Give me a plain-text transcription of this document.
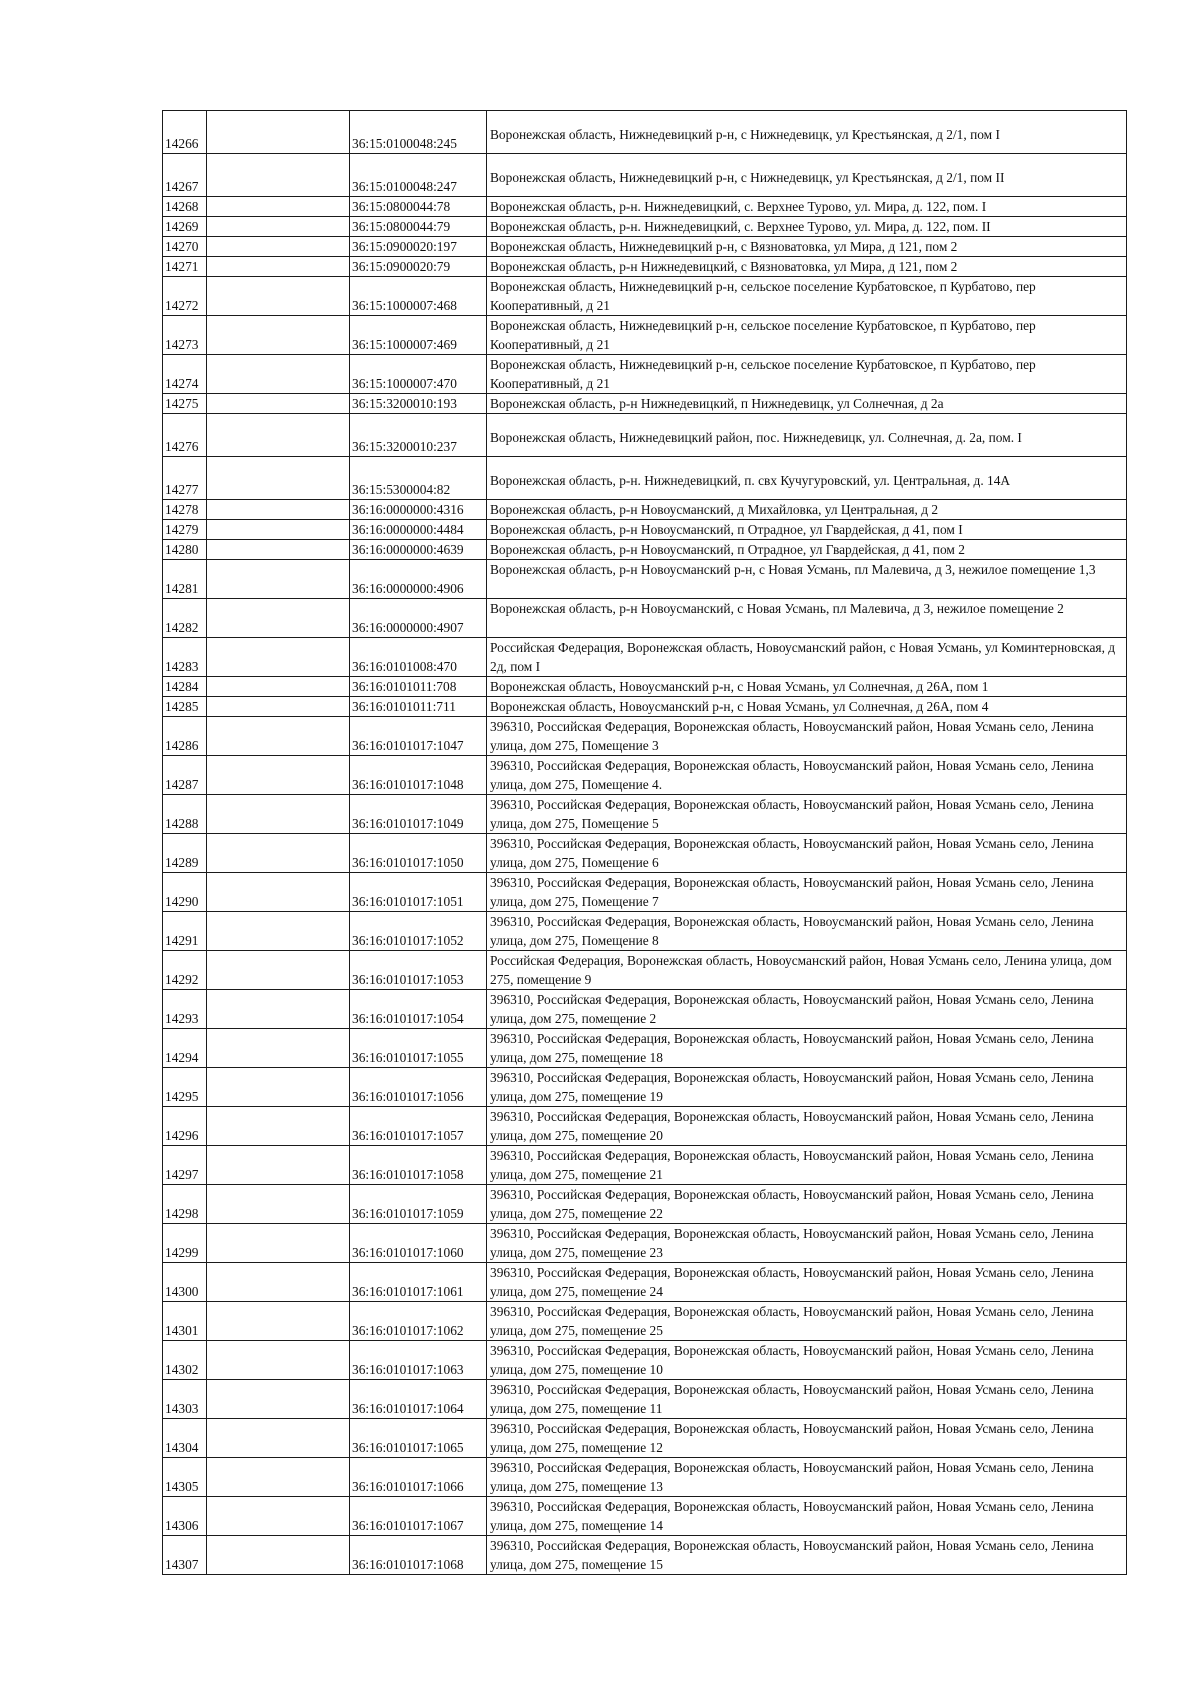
14266		36:15:0100048:245	Воронежская область, Нижнедевицкий р-н, с Нижнедевицк, ул Крестьянская, д 2/1, пом I
14267		36:15:0100048:247	Воронежская область, Нижнедевицкий р-н, с Нижнедевицк, ул Крестьянская, д 2/1, пом II
14268		36:15:0800044:78	Воронежская область, р-н. Нижнедевицкий, с. Верхнее Турово, ул. Мира, д. 122, пом. I
14269		36:15:0800044:79	Воронежская область, р-н. Нижнедевицкий, с. Верхнее Турово, ул. Мира, д. 122, пом. II
14270		36:15:0900020:197	Воронежская область, Нижнедевицкий р-н, с Вязноватовка, ул Мира, д 121, пом 2
14271		36:15:0900020:79	Воронежская область, р-н Нижнедевицкий, с Вязноватовка, ул Мира, д 121, пом 2
14272		36:15:1000007:468	Воронежская область, Нижнедевицкий р-н, сельское поселение Курбатовское, п Курбатово, пер Кооперативный, д 21
14273		36:15:1000007:469	Воронежская область, Нижнедевицкий р-н, сельское поселение Курбатовское, п Курбатово, пер Кооперативный, д 21
14274		36:15:1000007:470	Воронежская область, Нижнедевицкий р-н, сельское поселение Курбатовское, п Курбатово, пер Кооперативный, д 21
14275		36:15:3200010:193	Воронежская область, р-н Нижнедевицкий, п Нижнедевицк, ул Солнечная, д 2а
14276		36:15:3200010:237	Воронежская область, Нижнедевицкий район, пос. Нижнедевицк, ул. Солнечная, д. 2а, пом. I
14277		36:15:5300004:82	Воронежская область, р-н. Нижнедевицкий, п. свх Кучугуровский, ул. Центральная, д. 14А
14278		36:16:0000000:4316	Воронежская область, р-н Новоусманский, д Михайловка, ул Центральная, д 2
14279		36:16:0000000:4484	Воронежская область, р-н Новоусманский, п Отрадное, ул Гвардейская, д 41, пом I
14280		36:16:0000000:4639	Воронежская область, р-н Новоусманский, п Отрадное, ул Гвардейская, д 41, пом 2
14281		36:16:0000000:4906	Воронежская область, р-н Новоусманский р-н, с Новая Усмань, пл Малевича, д 3, нежилое помещение 1,3
14282		36:16:0000000:4907	Воронежская область, р-н Новоусманский, с Новая Усмань, пл Малевича, д 3, нежилое помещение 2
14283		36:16:0101008:470	Российская Федерация, Воронежская область, Новоусманский район, с Новая Усмань, ул Коминтерновская, д 2д, пом I
14284		36:16:0101011:708	Воронежская область, Новоусманский р-н, с Новая Усмань, ул Солнечная, д 26А, пом 1
14285		36:16:0101011:711	Воронежская область, Новоусманский р-н, с Новая Усмань, ул Солнечная, д 26А, пом 4
14286		36:16:0101017:1047	396310, Российская Федерация, Воронежская область, Новоусманский район, Новая Усмань село, Ленина улица, дом 275, Помещение 3
14287		36:16:0101017:1048	396310, Российская Федерация, Воронежская область, Новоусманский район, Новая Усмань село, Ленина улица, дом 275, Помещение 4.
14288		36:16:0101017:1049	396310, Российская Федерация, Воронежская область, Новоусманский район, Новая Усмань село, Ленина улица, дом 275, Помещение 5
14289		36:16:0101017:1050	396310, Российская Федерация, Воронежская область, Новоусманский район, Новая Усмань село, Ленина улица, дом 275, Помещение 6
14290		36:16:0101017:1051	396310, Российская Федерация, Воронежская область, Новоусманский район, Новая Усмань село, Ленина улица, дом 275, Помещение 7
14291		36:16:0101017:1052	396310, Российская Федерация, Воронежская область, Новоусманский район, Новая Усмань село, Ленина улица, дом 275, Помещение 8
14292		36:16:0101017:1053	Российская Федерация, Воронежская область, Новоусманский район, Новая Усмань село, Ленина улица, дом 275, помещение 9
14293		36:16:0101017:1054	396310, Российская Федерация, Воронежская область, Новоусманский район, Новая Усмань село, Ленина улица, дом 275, помещение 2
14294		36:16:0101017:1055	396310, Российская Федерация, Воронежская область, Новоусманский район, Новая Усмань село, Ленина улица, дом 275, помещение 18
14295		36:16:0101017:1056	396310, Российская Федерация, Воронежская область, Новоусманский район, Новая Усмань село, Ленина улица, дом 275, помещение 19
14296		36:16:0101017:1057	396310, Российская Федерация, Воронежская область, Новоусманский район, Новая Усмань село, Ленина улица, дом 275, помещение 20
14297		36:16:0101017:1058	396310, Российская Федерация, Воронежская область, Новоусманский район, Новая Усмань село, Ленина улица, дом 275, помещение 21
14298		36:16:0101017:1059	396310, Российская Федерация, Воронежская область, Новоусманский район, Новая Усмань село, Ленина улица, дом 275, помещение 22
14299		36:16:0101017:1060	396310, Российская Федерация, Воронежская область, Новоусманский район, Новая Усмань село, Ленина улица, дом 275, помещение 23
14300		36:16:0101017:1061	396310, Российская Федерация, Воронежская область, Новоусманский район, Новая Усмань село, Ленина улица, дом 275, помещение 24
14301		36:16:0101017:1062	396310, Российская Федерация, Воронежская область, Новоусманский район, Новая Усмань село, Ленина улица, дом 275, помещение 25
14302		36:16:0101017:1063	396310, Российская Федерация, Воронежская область, Новоусманский район, Новая Усмань село, Ленина улица, дом 275, помещение 10
14303		36:16:0101017:1064	396310, Российская Федерация, Воронежская область, Новоусманский район, Новая Усмань село, Ленина улица, дом 275, помещение 11
14304		36:16:0101017:1065	396310, Российская Федерация, Воронежская область, Новоусманский район, Новая Усмань село, Ленина улица, дом 275, помещение 12
14305		36:16:0101017:1066	396310, Российская Федерация, Воронежская область, Новоусманский район, Новая Усмань село, Ленина улица, дом 275, помещение 13
14306		36:16:0101017:1067	396310, Российская Федерация, Воронежская область, Новоусманский район, Новая Усмань село, Ленина улица, дом 275, помещение 14
14307		36:16:0101017:1068	396310, Российская Федерация, Воронежская область, Новоусманский район, Новая Усмань село, Ленина улица, дом 275, помещение 15
